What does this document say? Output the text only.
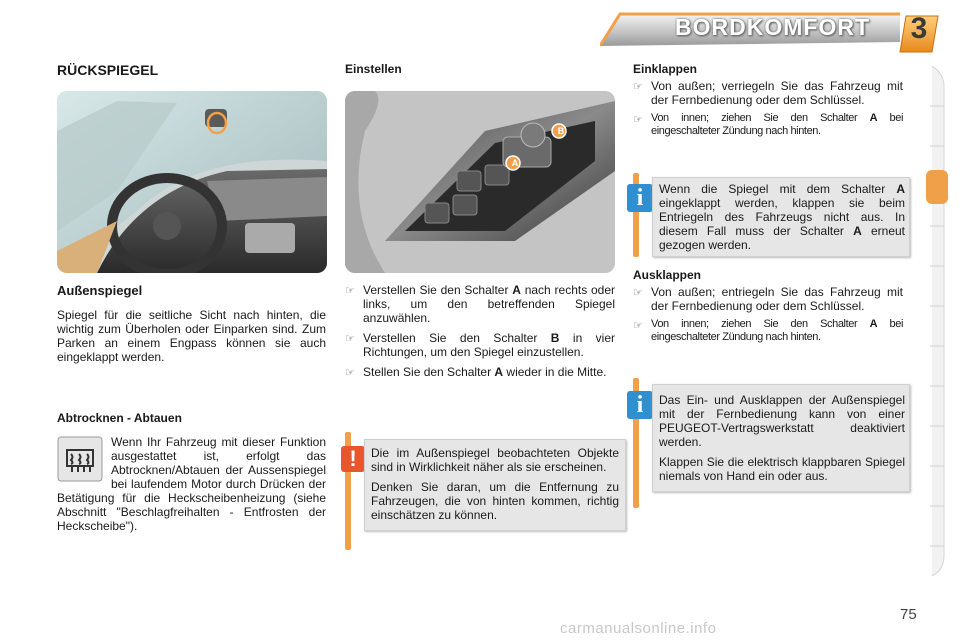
BORDKOMFORT	3
RÜCKSPIEGEL
Außenspiegel
Spiegel für die seitliche Sicht nach hinten, die wichtig zum Überholen oder Einparken sind. Zum Parken an einem Engpass können sie auch eingeklappt werden.
Abtrocknen - Abtauen
Wenn Ihr Fahrzeug mit dieser Funktion ausgestattet ist, erfolgt das Abtrocknen/Abtauen der Aussenspiegel bei laufendem Motor durch Drücken der Betätigung für die Heckscheibenheizung (siehe Abschnitt "Beschlagfreihalten - Entfrosten der Heckscheibe").
Einstellen
A
B
☞ Verstellen Sie den Schalter A nach rechts oder links, um den betreffenden Spiegel anzuwählen.
☞ Verstellen Sie den Schalter B in vier Richtungen, um den Spiegel einzustellen.
☞ Stellen Sie den Schalter A wieder in die Mitte.
!	Die im Außenspiegel beobachteten Objekte sind in Wirklichkeit näher als sie erscheinen.

Denken Sie daran, um die Entfernung zu Fahrzeugen, die von hinten kommen, richtig einschätzen zu können.

Einklappen
☞ Von außen; verriegeln Sie das Fahrzeug mit der Fernbedienung oder dem Schlüssel.
☞ Von innen; ziehen Sie den Schalter A bei eingeschalteter Zündung nach hinten.
i	Wenn die Spiegel mit dem Schalter A eingeklappt werden, klappen sie beim Entriegeln des Fahrzeugs nicht aus. In diesem Fall muss der Schalter A erneut gezogen werden.
Ausklappen
☞ Von außen; entriegeln Sie das Fahrzeug mit der Fernbedienung oder dem Schlüssel.
☞ Von innen; ziehen Sie den Schalter A bei eingeschalteter Zündung nach hinten.
i	Das Ein- und Ausklappen der Außenspiegel mit der Fernbedienung kann von einer PEUGEOT-Vertragswerkstatt deaktiviert werden.

Klappen Sie die elektrisch klappbaren Spiegel niemals von Hand ein oder aus.

75
carmanualsonline.info
